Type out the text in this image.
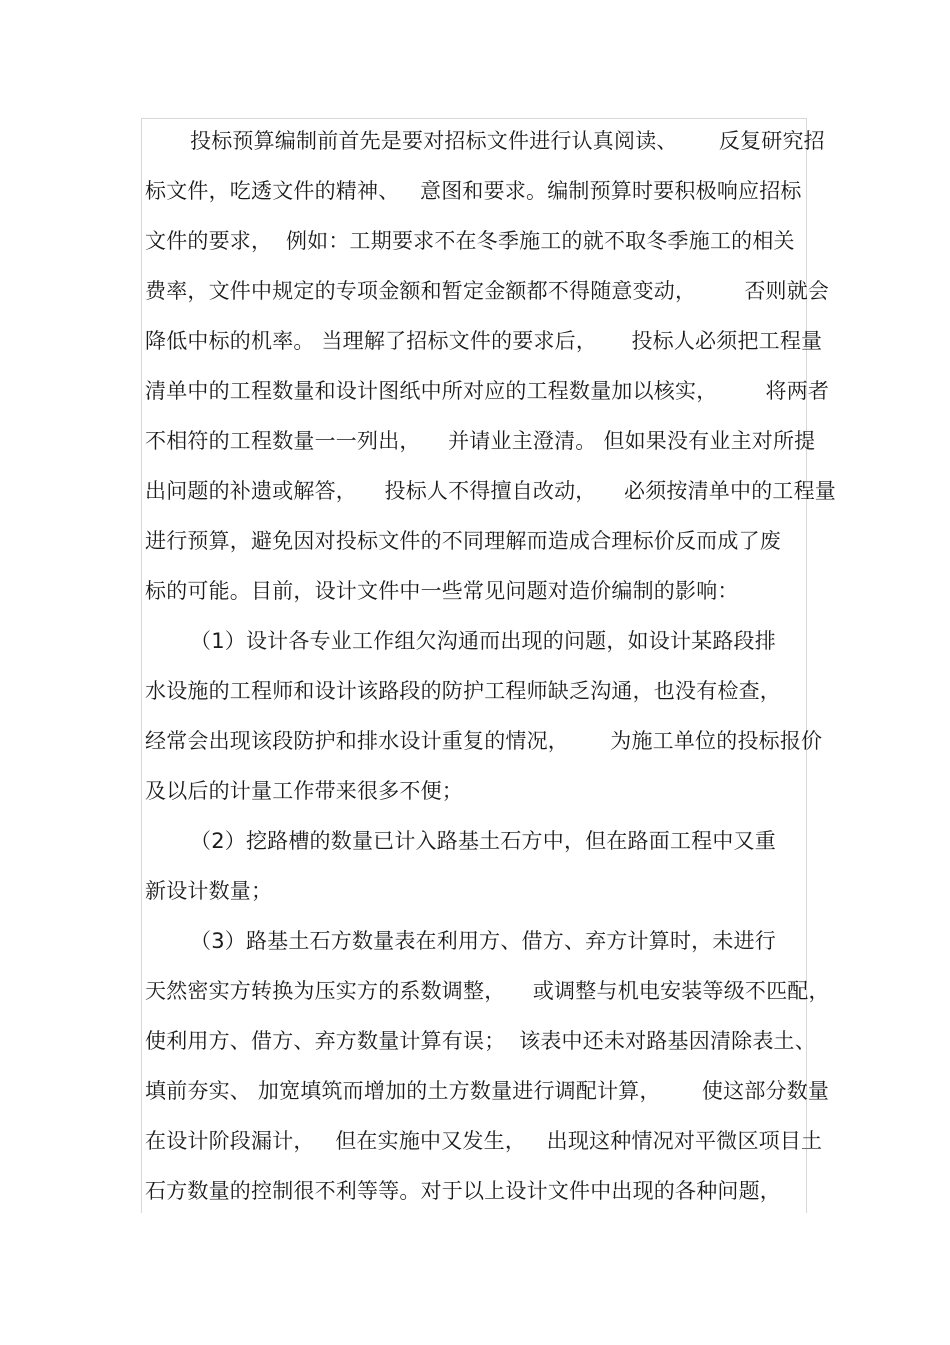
投标预算编制前首先是要对招标文件进行认真阅读、      反复研究招
标文件，吃透文件的精神、   意图和要求。编制预算时要积极响应招标
文件的要求，  例如：工期要求不在冬季施工的就不取冬季施工的相关
费率，文件中规定的专项金额和暂定金额都不得随意变动，       否则就会
降低中标的机率。 当理解了招标文件的要求后，     投标人必须把工程量
清单中的工程数量和设计图纸中所对应的工程数量加以核实，       将两者
不相符的工程数量一一列出，    并请业主澄清。 但如果没有业主对所提
出问题的补遗或解答，    投标人不得擅自改动，    必须按清单中的工程量
进行预算，避免因对投标文件的不同理解而造成合理标价反而成了废
标的可能。目前，设计文件中一些常见问题对造价编制的影响：
（1）设计各专业工作组欠沟通而出现的问题，如设计某路段排
水设施的工程师和设计该路段的防护工程师缺乏沟通，也没有检查，
经常会出现该段防护和排水设计重复的情况，      为施工单位的投标报价
及以后的计量工作带来很多不便；
（2）挖路槽的数量已计入路基土石方中，但在路面工程中又重
新设计数量；
（3）路基土石方数量表在利用方、借方、弃方计算时，未进行
天然密实方转换为压实方的系数调整，    或调整与机电安装等级不匹配，
使利用方、借方、弃方数量计算有误；  该表中还未对路基因清除表土、
填前夯实、 加宽填筑而增加的土方数量进行调配计算，      使这部分数量
在设计阶段漏计，   但在实施中又发生，   出现这种情况对平微区项目土
石方数量的控制很不利等等。对于以上设计文件中出现的各种问题，
